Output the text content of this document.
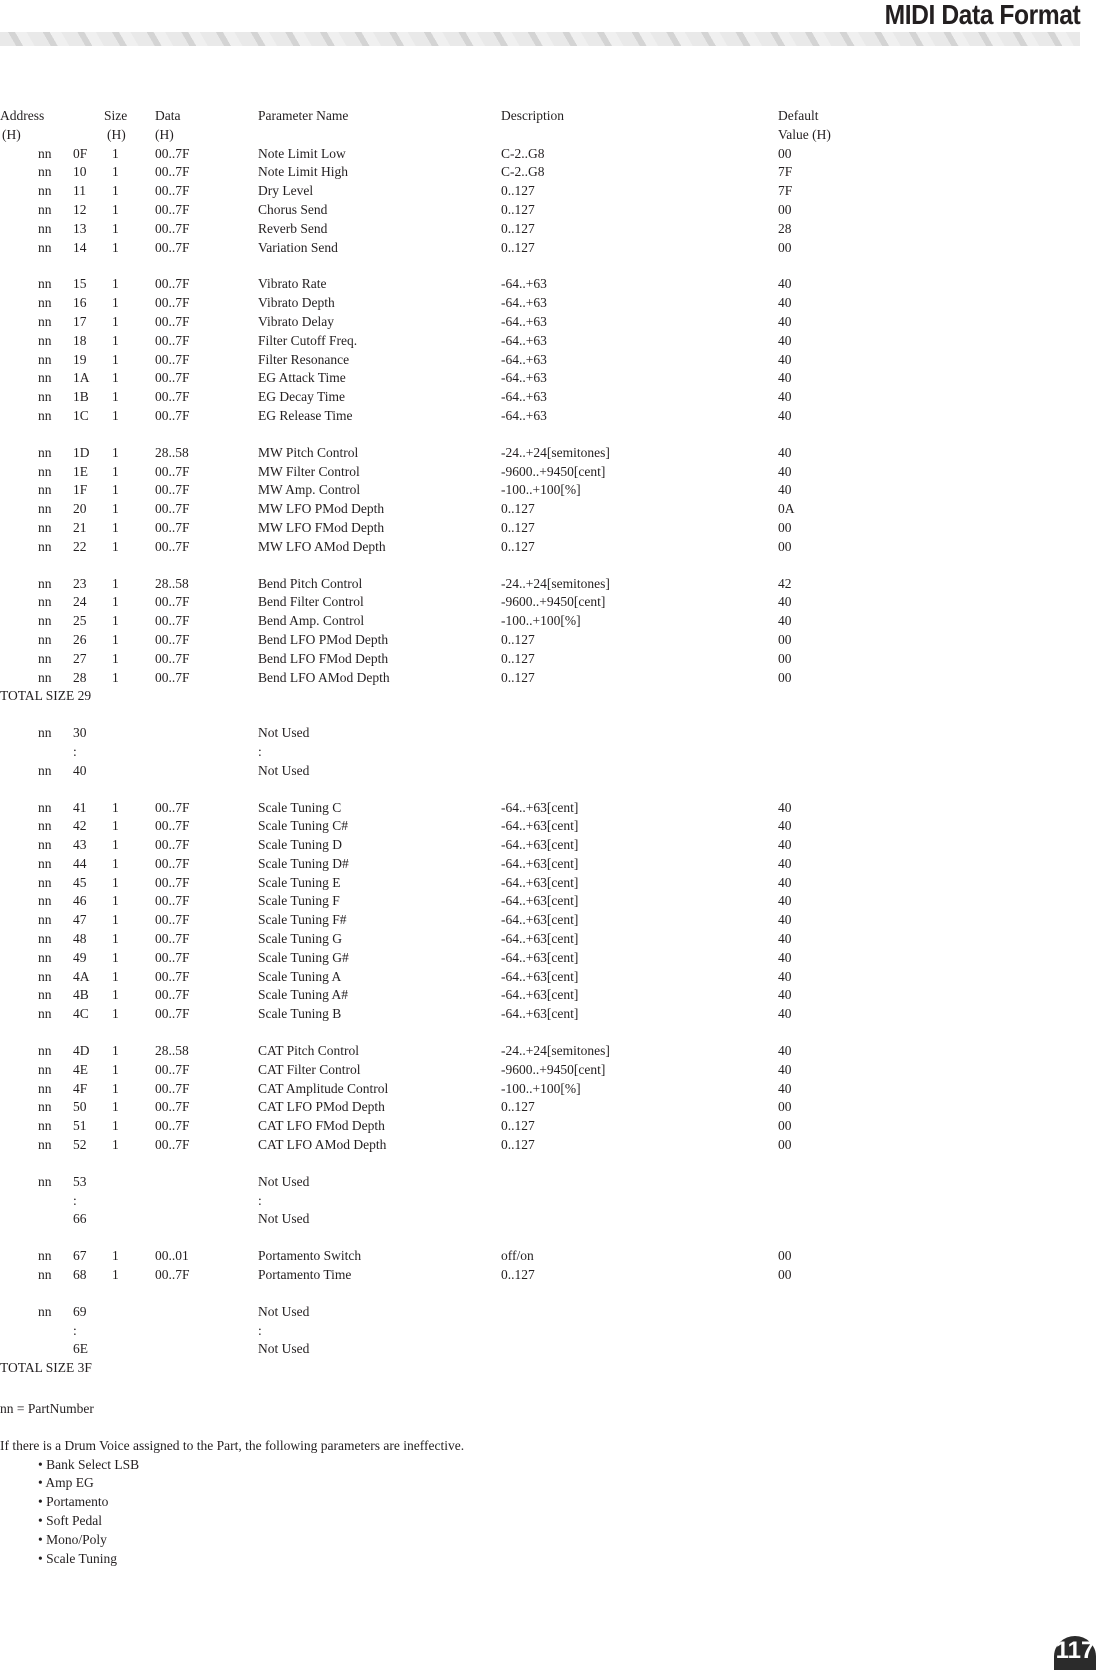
MIDI Data Format
Address	Size Data	Parameter Name	Description	Default
(H)	(H) (H)	Value (H)
nn 0F 1	00..7F	Note Limit Low	C-2..G8	00
nn 10 1	00..7F	Note Limit High	C-2..G8	7F
nn 11 1	00..7F	Dry Level	0..127	7F
nn 12 1	00..7F	Chorus Send	0..127	00
nn 13 1	00..7F	Reverb Send	0..127	28
nn 14 1	00..7F	Variation Send	0..127	00
nn 15 1	00..7F	Vibrato Rate	-64..+63	40
nn 16 1	00..7F	Vibrato Depth	-64..+63	40
nn 17 1	00..7F	Vibrato Delay	-64..+63	40
nn 18 1	00..7F	Filter Cutoff Freq.	-64..+63	40
nn 19 1	00..7F	Filter Resonance	-64..+63	40
nn 1A 1	00..7F	EG Attack Time	-64..+63	40
nn 1B 1	00..7F	EG Decay Time	-64..+63	40
nn 1C 1	00..7F	EG Release Time	-64..+63	40
nn 1D 1	28..58	MW Pitch Control	-24..+24[semitones]	40
nn 1E 1	00..7F	MW Filter Control	-9600..+9450[cent]	40
nn 1F 1	00..7F	MW Amp. Control	-100..+100[%]	40
nn 20 1	00..7F	MW LFO PMod Depth	0..127	0A
nn 21 1	00..7F	MW LFO FMod Depth	0..127	00
nn 22 1	00..7F	MW LFO AMod Depth	0..127	00
nn 23 1	28..58	Bend Pitch Control	-24..+24[semitones]	42
nn 24 1	00..7F	Bend Filter Control	-9600..+9450[cent]	40
nn 25 1	00..7F	Bend Amp. Control	-100..+100[%]	40
nn 26 1	00..7F	Bend LFO PMod Depth	0..127	00
nn 27 1	00..7F	Bend LFO FMod Depth	0..127	00
nn 28 1	00..7F	Bend LFO AMod Depth	0..127	00
TOTAL SIZE 29
nn 30	Not Used
:	:
nn 40	Not Used
nn 41 1	00..7F	Scale Tuning C	-64..+63[cent]	40
nn 42 1	00..7F	Scale Tuning C#	-64..+63[cent]	40
nn 43 1	00..7F	Scale Tuning D	-64..+63[cent]	40
nn 44 1	00..7F	Scale Tuning D#	-64..+63[cent]	40
nn 45 1	00..7F	Scale Tuning E	-64..+63[cent]	40
nn 46 1	00..7F	Scale Tuning F	-64..+63[cent]	40
nn 47 1	00..7F	Scale Tuning F#	-64..+63[cent]	40
nn 48 1	00..7F	Scale Tuning G	-64..+63[cent]	40
nn 49 1	00..7F	Scale Tuning G#	-64..+63[cent]	40
nn 4A 1	00..7F	Scale Tuning A	-64..+63[cent]	40
nn 4B 1	00..7F	Scale Tuning A#	-64..+63[cent]	40
nn 4C 1	00..7F	Scale Tuning B	-64..+63[cent]	40
nn 4D 1	28..58	CAT Pitch Control	-24..+24[semitones]	40
nn 4E 1	00..7F	CAT Filter Control	-9600..+9450[cent]	40
nn 4F 1	00..7F	CAT Amplitude Control	-100..+100[%]	40
nn 50 1	00..7F	CAT LFO PMod Depth	0..127	00
nn 51 1	00..7F	CAT LFO FMod Depth	0..127	00
nn 52 1	00..7F	CAT LFO AMod Depth	0..127	00
nn 53	Not Used
:	:
66	Not Used
nn 67 1	00..01	Portamento Switch	off/on	00
nn 68 1	00..7F	Portamento Time	0..127	00
nn 69	Not Used
:	:
6E	Not Used
TOTAL SIZE 3F
nn = PartNumber
If there is a Drum Voice assigned to the Part, the following parameters are ineffective.
• Bank Select LSB
• Amp EG
• Portamento
• Soft Pedal
• Mono/Poly
• Scale Tuning
117
